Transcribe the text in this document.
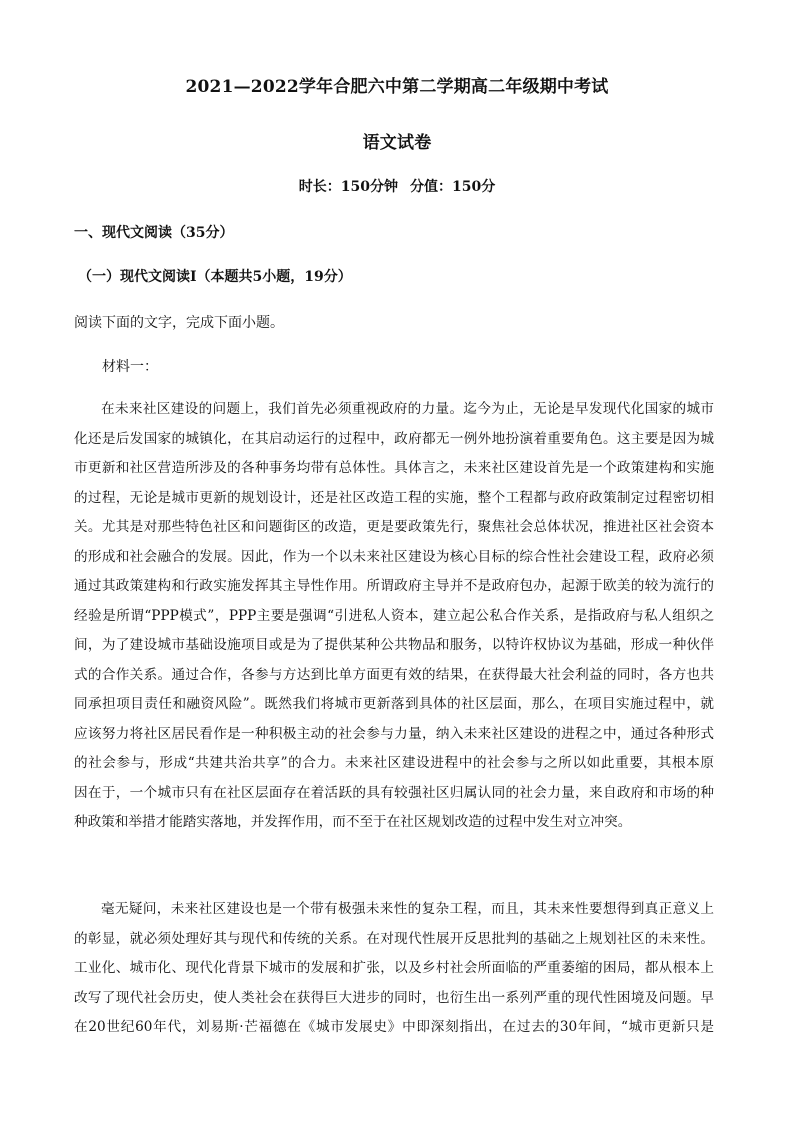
2021—2022学年合肥六中第二学期高二年级期中考试
语文试卷
时长：150分钟 分值：150分
一、现代文阅读（35分）
（一）现代文阅读Ⅰ（本题共5小题，19分）
阅读下面的文字，完成下面小题。
材料一：
在未来社区建设的问题上，我们首先必须重视政府的力量。迄今为止，无论是早发现代化国家的城市
化还是后发国家的城镇化，在其启动运行的过程中，政府都无一例外地扮演着重要角色。这主要是因为城
市更新和社区营造所涉及的各种事务均带有总体性。具体言之，未来社区建设首先是一个政策建构和实施
的过程，无论是城市更新的规划设计，还是社区改造工程的实施，整个工程都与政府政策制定过程密切相
关。尤其是对那些特色社区和问题街区的改造，更是要政策先行，聚焦社会总体状况，推进社区社会资本
的形成和社会融合的发展。因此，作为一个以未来社区建设为核心目标的综合性社会建设工程，政府必须
通过其政策建构和行政实施发挥其主导性作用。所谓政府主导并不是政府包办，起源于欧美的较为流行的
经验是所谓“PPP模式”，PPP主要是强调“引进私人资本，建立起公私合作关系，是指政府与私人组织之
间，为了建设城市基础设施项目或是为了提供某种公共物品和服务，以特许权协议为基础，形成一种伙伴
式的合作关系。通过合作，各参与方达到比单方面更有效的结果，在获得最大社会利益的同时，各方也共
同承担项目责任和融资风险”。既然我们将城市更新落到具体的社区层面，那么，在项目实施过程中，就
应该努力将社区居民看作是一种积极主动的社会参与力量，纳入未来社区建设的进程之中，通过各种形式
的社会参与，形成“共建共治共享”的合力。未来社区建设进程中的社会参与之所以如此重要，其根本原
因在于，一个城市只有在社区层面存在着活跃的具有较强社区归属认同的社会力量，来自政府和市场的种
种政策和举措才能踏实落地，并发挥作用，而不至于在社区规划改造的过程中发生对立冲突。
毫无疑问，未来社区建设也是一个带有极强未来性的复杂工程，而且，其未来性要想得到真正意义上
的彰显，就必须处理好其与现代和传统的关系。在对现代性展开反思批判的基础之上规划社区的未来性。
工业化、城市化、现代化背景下城市的发展和扩张，以及乡村社会所面临的严重萎缩的困局，都从根本上
改写了现代社会历史，使人类社会在获得巨大进步的同时，也衍生出一系列严重的现代性困境及问题。早
在20世纪60年代，刘易斯·芒福德在《城市发展史》中即深刻指出，在过去的30年间，“城市更新只是
